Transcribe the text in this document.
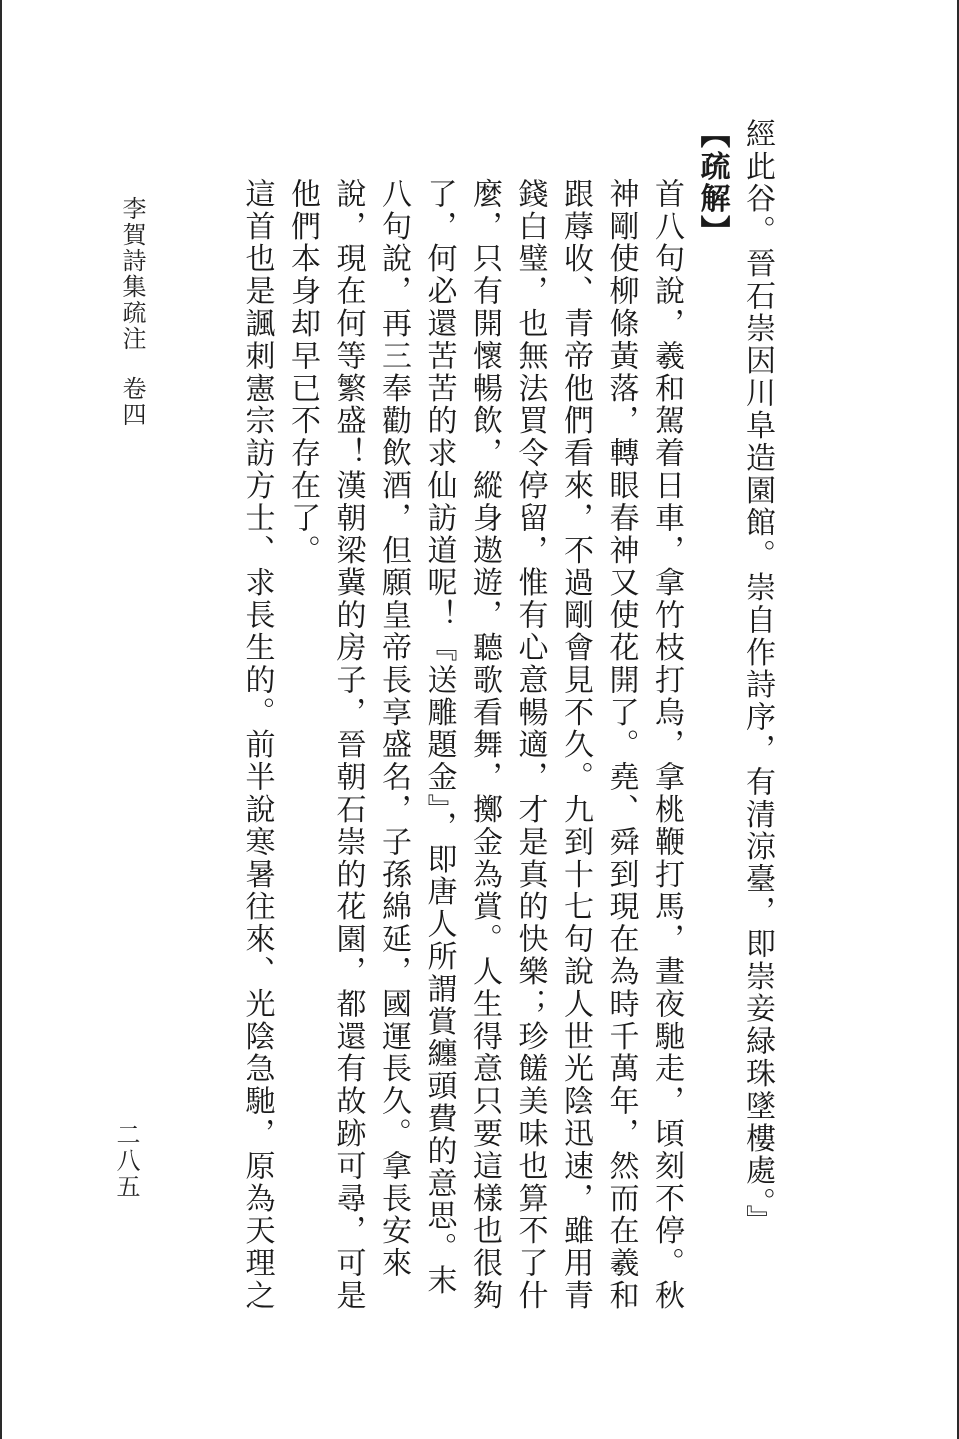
經此谷。晉石崇因川阜造園館。崇自作詩序，有清涼臺，即崇妾緑珠墜樓處。』

【疏解】

首八句說，羲和駕着日車，拿竹枝打烏，拿桃鞭打馬，晝夜馳走，頃刻不停。秋神剛使柳條黃落，轉眼春神又使花開了。堯、舜到現在為時千萬年，然而在羲和跟蓐收、青帝他們看來，不過剛會見不久。九到十七句說人世光陰迅速，雖用青錢白璧，也無法買令停留，惟有心意暢適，才是真的快樂；珍饈美味也算不了什麼，只有開懷暢飲，縱身遨遊，聽歌看舞，擲金為賞。人生得意只要這樣也很夠了，何必還苦苦的求仙訪道呢！『送雕題金』，即唐人所謂賞纏頭費的意思。末八句說，再三奉勸飲酒，但願皇帝長享盛名，子孫綿延，國運長久。拿長安來說，現在何等繁盛！漢朝梁冀的房子，晉朝石崇的花園，都還有故跡可尋，可是他們本身却早已不存在了。

這首也是諷刺憲宗訪方士、求長生的。前半說寒暑往來、光陰急馳，原為天理之

李賀詩集疏注卷四
二八五
